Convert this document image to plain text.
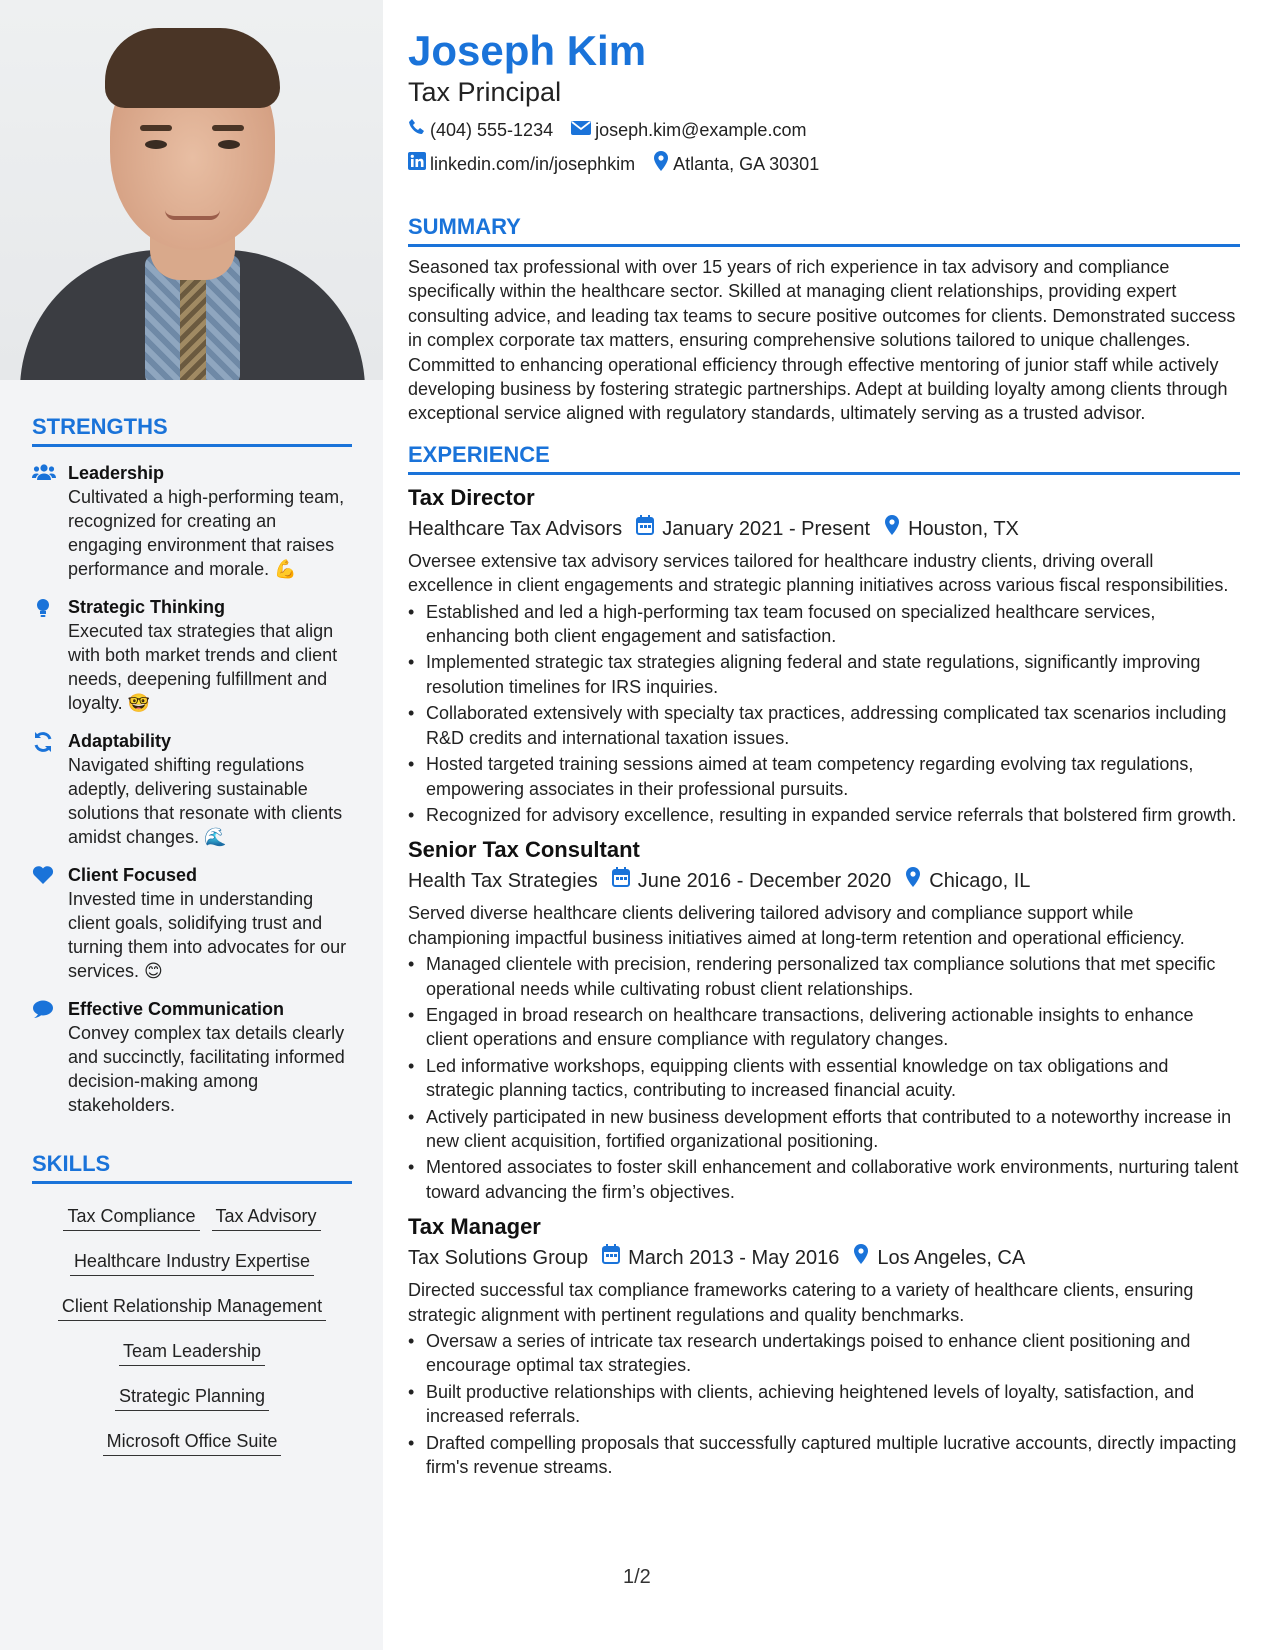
STRENGTHS
Leadership
Cultivated a high-performing team, recognized for creating an engaging environment that raises performance and morale. 💪
Strategic Thinking
Executed tax strategies that align with both market trends and client needs, deepening fulfillment and loyalty. 🤓
Adaptability
Navigated shifting regulations adeptly, delivering sustainable solutions that resonate with clients amidst changes. 🌊
Client Focused
Invested time in understanding client goals, solidifying trust and turning them into advocates for our services. 😊
Effective Communication
Convey complex tax details clearly and succinctly, facilitating informed decision-making among stakeholders.
SKILLS
Tax Compliance Tax Advisory
Healthcare Industry Expertise
Client Relationship Management
Team Leadership
Strategic Planning
Microsoft Office Suite
Joseph Kim
Tax Principal
(404) 555-1234 joseph.kim@example.com
linkedin.com/in/josephkim Atlanta, GA 30301
SUMMARY
Seasoned tax professional with over 15 years of rich experience in tax advisory and compliance specifically within the healthcare sector. Skilled at managing client relationships, providing expert consulting advice, and leading tax teams to secure positive outcomes for clients. Demonstrated success in complex corporate tax matters, ensuring comprehensive solutions tailored to unique challenges. Committed to enhancing operational efficiency through effective mentoring of junior staff while actively developing business by fostering strategic partnerships. Adept at building loyalty among clients through exceptional service aligned with regulatory standards, ultimately serving as a trusted advisor.
EXPERIENCE
Tax Director
Healthcare Tax Advisors January 2021 - Present Houston, TX
Oversee extensive tax advisory services tailored for healthcare industry clients, driving overall excellence in client engagements and strategic planning initiatives across various fiscal responsibilities.
• Established and led a high-performing tax team focused on specialized healthcare services, enhancing both client engagement and satisfaction.
• Implemented strategic tax strategies aligning federal and state regulations, significantly improving resolution timelines for IRS inquiries.
• Collaborated extensively with specialty tax practices, addressing complicated tax scenarios including R&D credits and international taxation issues.
• Hosted targeted training sessions aimed at team competency regarding evolving tax regulations, empowering associates in their professional pursuits.
• Recognized for advisory excellence, resulting in expanded service referrals that bolstered firm growth.
Senior Tax Consultant
Health Tax Strategies June 2016 - December 2020 Chicago, IL
Served diverse healthcare clients delivering tailored advisory and compliance support while championing impactful business initiatives aimed at long-term retention and operational efficiency.
• Managed clientele with precision, rendering personalized tax compliance solutions that met specific operational needs while cultivating robust client relationships.
• Engaged in broad research on healthcare transactions, delivering actionable insights to enhance client operations and ensure compliance with regulatory changes.
• Led informative workshops, equipping clients with essential knowledge on tax obligations and strategic planning tactics, contributing to increased financial acuity.
• Actively participated in new business development efforts that contributed to a noteworthy increase in new client acquisition, fortified organizational positioning.
• Mentored associates to foster skill enhancement and collaborative work environments, nurturing talent toward advancing the firm’s objectives.
Tax Manager
Tax Solutions Group March 2013 - May 2016 Los Angeles, CA
Directed successful tax compliance frameworks catering to a variety of healthcare clients, ensuring strategic alignment with pertinent regulations and quality benchmarks.
• Oversaw a series of intricate tax research undertakings poised to enhance client positioning and encourage optimal tax strategies.
• Built productive relationships with clients, achieving heightened levels of loyalty, satisfaction, and increased referrals.
• Drafted compelling proposals that successfully captured multiple lucrative accounts, directly impacting firm's revenue streams.
1/2
